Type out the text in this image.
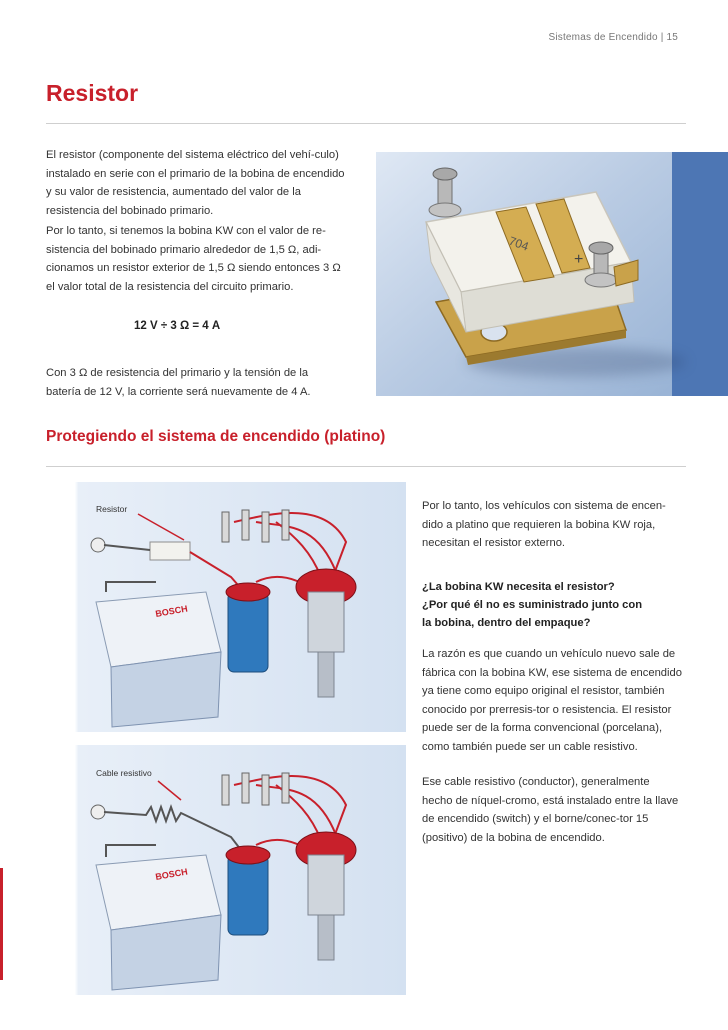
Sistemas de Encendido | 15
Resistor

El resistor (componente del sistema eléctrico del vehí-culo) instalado en serie con el primario de la bobina de encendido y su valor de resistencia, aumentado del valor de la resistencia del bobinado primario.

Por lo tanto, si tenemos la bobina KW con el valor de re-sistencia del bobinado primario alrededor de 1,5 Ω, adi-cionamos un resistor exterior de 1,5 Ω siendo entonces 3 Ω el valor total de la resistencia del circuito primario.

12 V ÷ 3 Ω = 4 A

Con 3 Ω de resistencia del primario y la tensión de la batería de 12 V, la corriente será nuevamente de 4 A.

704
+
Protegiendo el sistema de encendido (platino)
Resistor
BOSCH
Cable resistivo
BOSCH

Por lo tanto, los vehículos con sistema de encen-dido a platino que requieren la bobina KW roja, necesitan el resistor externo.

¿La bobina KW necesita el resistor?

¿Por qué él no es suministrado junto con

la bobina, dentro del empaque?

La razón es que cuando un vehículo nuevo sale de fábrica con la bobina KW, ese sistema de encendido ya tiene como equipo original el resistor, también conocido por prerresis-tor o resistencia. El resistor puede ser de la forma convencional (porcelana), como también puede ser un cable resistivo.

Ese cable resistivo (conductor), generalmente hecho de níquel-cromo, está instalado entre la llave de encendido (switch) y el borne/conec-tor 15 (positivo) de la bobina de encendido.
